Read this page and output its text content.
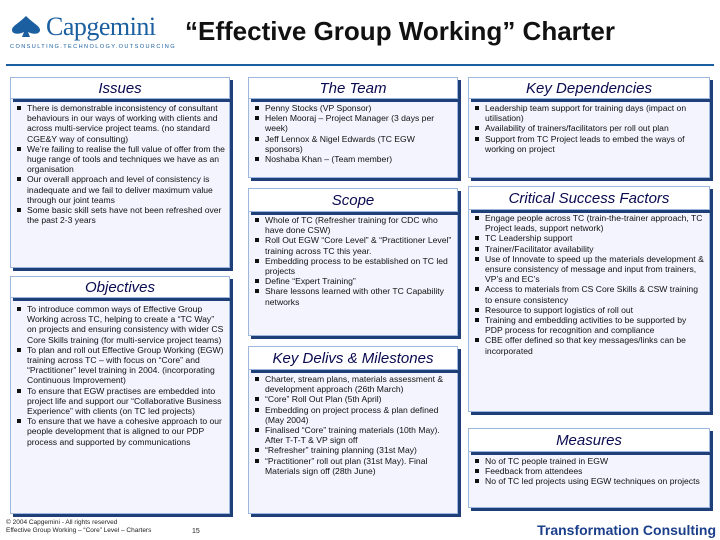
Capgemini
CONSULTING.TECHNOLOGY.OUTSOURCING
“Effective Group Working” Charter
There is demonstrable inconsistency of consultant behaviours in our ways of working with clients and across multi-service project teams. (no standard CGE&Y way of consulting)
We’re failing to realise the full value of offer from the huge range of tools and techniques we have as an organisation
Our overall approach and level of consistency is inadequate and we fail to deliver maximum value through our joint teams
Some basic skill sets have not been refreshed over the past 2-3 years
Issues
To introduce common ways of Effective Group Working across TC, helping to create a “TC Way” on projects and ensuring consistency with wider CS Core Skills training (for multi-service project teams)
To plan and roll out Effective Group Working (EGW) training across TC – with focus on “Core” and “Practitioner” level training in 2004. (incorporating Continuous Improvement)
To ensure that EGW practises are embedded into project life and support our “Collaborative Business Experience” with clients (on TC led projects)
To ensure that we have a cohesive approach to our people development that is aligned to our PDP process and supported by communications
Objectives
Penny Stocks (VP Sponsor)
Helen Mooraj – Project Manager (3 days per week)
Jeff Lennox & Nigel Edwards (TC EGW sponsors)
Noshaba Khan – (Team member)
The Team
Whole of TC (Refresher training for CDC who have done CSW)
Roll Out EGW “Core Level” & “Practitioner Level” training across TC this year.
Embedding process to be established on TC led projects
Define “Expert Training”
Share lessons learned with other TC Capability networks
Scope
Charter, stream plans, materials assessment & development approach (26th March)
“Core” Roll Out Plan (5th April)
Embedding on project process & plan defined (May 2004)
Finalised “Core” training materials (10th May). After T-T-T & VP sign off
“Refresher” training planning (31st May)
“Practitioner” roll out plan (31st May). Final Materials sign off (28th June)
Key Delivs & Milestones
Leadership team support for training days (impact on utilisation)
Availability of trainers/facilitators per roll out plan
Support from TC Project leads to embed the ways of working on project
Key Dependencies
Engage people across TC (train-the-trainer approach, TC Project leads, support network)
TC Leadership support
Trainer/Facilitator availability
Use of Innovate to speed up the materials development & ensure consistency of message and input from trainers, VP’s and EC’s
Access to materials from CS Core Skills & CSW training to ensure consistency
Resource to support logistics of roll out
Training and embedding activities to be supported by PDP process for recognition and compliance
CBE offer defined so that key messages/links can be incorporated
Critical Success Factors
No of TC people trained in EGW
Feedback from attendees
No of TC led projects using EGW techniques on projects
Measures
© 2004 Capgemini - All rights reserved
Effective Group Working – “Core” Level – Charters	15	Transformation Consulting
